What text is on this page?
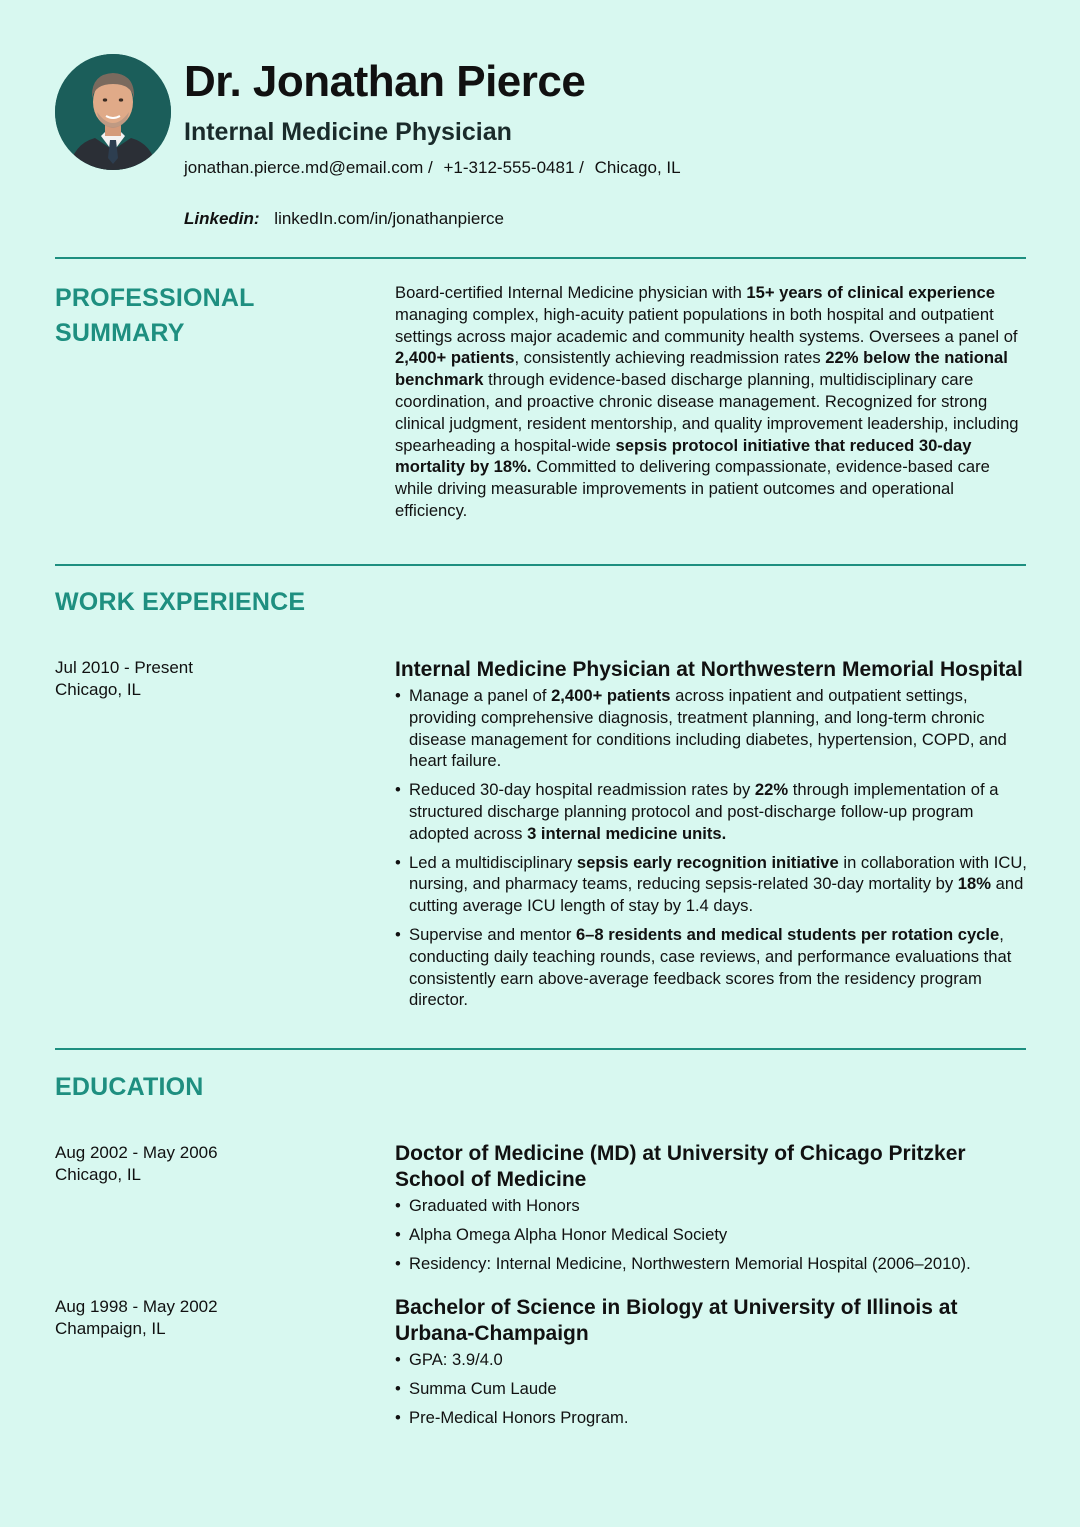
Dr. Jonathan Pierce
Internal Medicine Physician
jonathan.pierce.md@email.com / +1-312-555-0481 / Chicago, IL
Linkedin: linkedIn.com/in/jonathanpierce
PROFESSIONAL
SUMMARY

Board-certified Internal Medicine physician with 15+ years of clinical experience managing complex, high-acuity patient populations in both hospital and outpatient settings across major academic and community health systems. Oversees a panel of 2,400+ patients, consistently achieving readmission rates 22% below the national benchmark through evidence-based discharge planning, multidisciplinary care coordination, and proactive chronic disease management. Recognized for strong clinical judgment, resident mentorship, and quality improvement leadership, including spearheading a hospital-wide sepsis protocol initiative that reduced 30-day mortality by 18%. Committed to delivering compassionate, evidence-based care while driving measurable improvements in patient outcomes and operational efficiency.

WORK EXPERIENCE
Jul 2010 - Present
Chicago, IL
Internal Medicine Physician at Northwestern Memorial Hospital
• Manage a panel of 2,400+ patients across inpatient and outpatient settings, providing comprehensive diagnosis, treatment planning, and long-term chronic disease management for conditions including diabetes, hypertension, COPD, and heart failure.
• Reduced 30-day hospital readmission rates by 22% through implementation of a structured discharge planning protocol and post-discharge follow-up program adopted across 3 internal medicine units.
• Led a multidisciplinary sepsis early recognition initiative in collaboration with ICU, nursing, and pharmacy teams, reducing sepsis-related 30-day mortality by 18% and cutting average ICU length of stay by 1.4 days.
• Supervise and mentor 6–8 residents and medical students per rotation cycle, conducting daily teaching rounds, case reviews, and performance evaluations that consistently earn above-average feedback scores from the residency program director.
EDUCATION
Aug 2002 - May 2006
Chicago, IL
Doctor of Medicine (MD) at University of Chicago Pritzker School of Medicine
• Graduated with Honors
• Alpha Omega Alpha Honor Medical Society
• Residency: Internal Medicine, Northwestern Memorial Hospital (2006–2010).
Aug 1998 - May 2002
Champaign, IL
Bachelor of Science in Biology at University of Illinois at Urbana-Champaign
• GPA: 3.9/4.0
• Summa Cum Laude
• Pre-Medical Honors Program.
